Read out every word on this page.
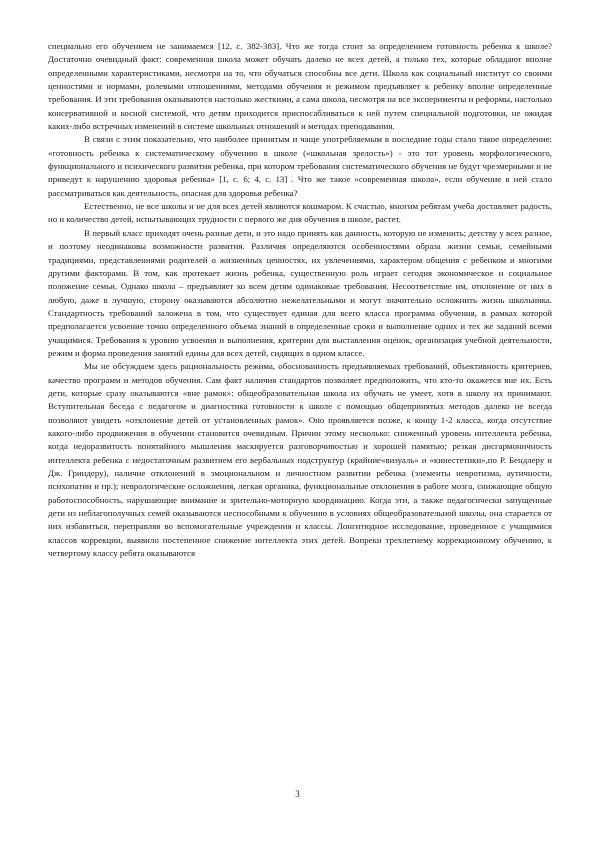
специально его обучением не занимаемся [12, с. 382-383]. Что же тогда стоит за определением готовность ребенка к школе? Достаточно очевидный факт: современная школа может обучать далеко не всех детей, а только тех, которые обладают вполне определенными характеристиками, несмотря на то, что обучаться способны все дети. Школа как социальный институт со своими ценностями и нормами, ролевыми отношениями, методами обучения и режимом предъявляет к ребенку вполне определенные требования. И эти требования оказываются настолько жесткими, а сама школа, несмотря на все эксперименты и реформы, настолько консервативной и косной системой, что детям приходится приспосабливаться к ней путем специальной подготовки, не ожидая каких-либо встречных изменений в системе школьных отношений и методах преподавания.

В связи с этим показательно, что наиболее принятым и чаще употребляемым в последние годы стало такое определение: «готовность ребенка к систематическому обучению в школе («школьная зрелость») - это тот уровень морфологического, функционального и психического развития ребенка, при котором требования систематического обучения не будут чрезмерными и не приведут к нарушению здоровья ребенка» [1, с. 6; 4, с. 13] . Что же такое «современная школа», если обучение в ней стало рассматриваться как деятельность, опасная для здоровья ребенка?

Естественно, не все школы и не для всех детей являются кошмаром. К счастью, многим ребятам учеба доставляет радость, но и количество детей, испытывающих трудности с первого же дня обучения в школе, растет.

В первый класс приходят очень разные дети, и это надо принять как данность, которую не изменить; детству у всех разное, и поэтому неодинаковы возможности развития. Различия определяются особенностями образа жизни семьи, семейными традициями, представлениями родителей о жизненных ценностях, их увлечениями, характером общения с ребенком и многими другими факторами. В том, как протекает жизнь ребенка, существенную роль играет сегодня экономическое и социальное положение семьи. Однако школа – предъявляет ко всем детям одинаковые требования. Несоответствие им, отклонение от них в любую, даже в лучшую, сторону оказываются абсолютно нежелательными и могут значительно осложнить жизнь школьника. Стандартность требований заложена в том, что существует единая для всего класса программа обучения, в рамках которой предполагается усвоение точно определенного объема знаний в определенные сроки и выполнение одних и тех же заданий всеми учащимися. Требования к уровню усвоения и выполнения, критерии для выставления оценок, организация учебной деятельности, режим и форма проведения занятий едины для всех детей, сидящих в одном классе.

Мы не обсуждаем здесь рациональность режима, обоснованность предъявляемых требований, объективность критериев, качество программ и методов обучения. Сам факт наличия стандартов позволяет предположить, что кто-то окажется вне их. Есть дети, которые сразу оказываются «вне рамок»: общеобразовательная школа их обучать не умеет, хотя в школу их принимают. Вступительная беседа с педагогом и диагностика готовности к школе с помощью общепринятых методов далеко не всегда позволяют увидеть «отклонение детей от установленных рамок». Оно проявляется позже, к концу 1-2 класса, когда отсутствие какого-либо продвижения в обучении становится очевидным. Причин этому несколько: сниженный уровень интеллекта ребенка, когда недоразвитость понятийного мышления маскируется разговорчивостью и хорошей памятью; резкая дисгармоничность интеллекта ребенка с недостаточным развитием его вербальных подструктур (крайние«визуаль» и «кинестетики»,по Р. Бендлеру и Дж. Гриндеру), наличие отклонений в эмоциональном и личностном развитии ребенка (элементы невротизма, аутичности, психопатии и пр.); неврологические осложнения, легкая органика, функциональные отклонения в работе мозга, снижающие общую работоспособность, нарушающие внимание и зрительно-моторную координацию. Когда эти, а также педагогически запущенные дети из неблагополучных семей оказываются неспособными к обучению в условиях общеобразовательной школы, она старается от них избавиться, переправляя во вспомогательные учреждения и классы. Лонгитюдное исследование, проведенное с учащимися классов коррекции, выявило постепенное снижение интеллекта этих детей. Вопреки трехлетнему коррекционному обучению, к четвертому классу ребята оказываются

3
